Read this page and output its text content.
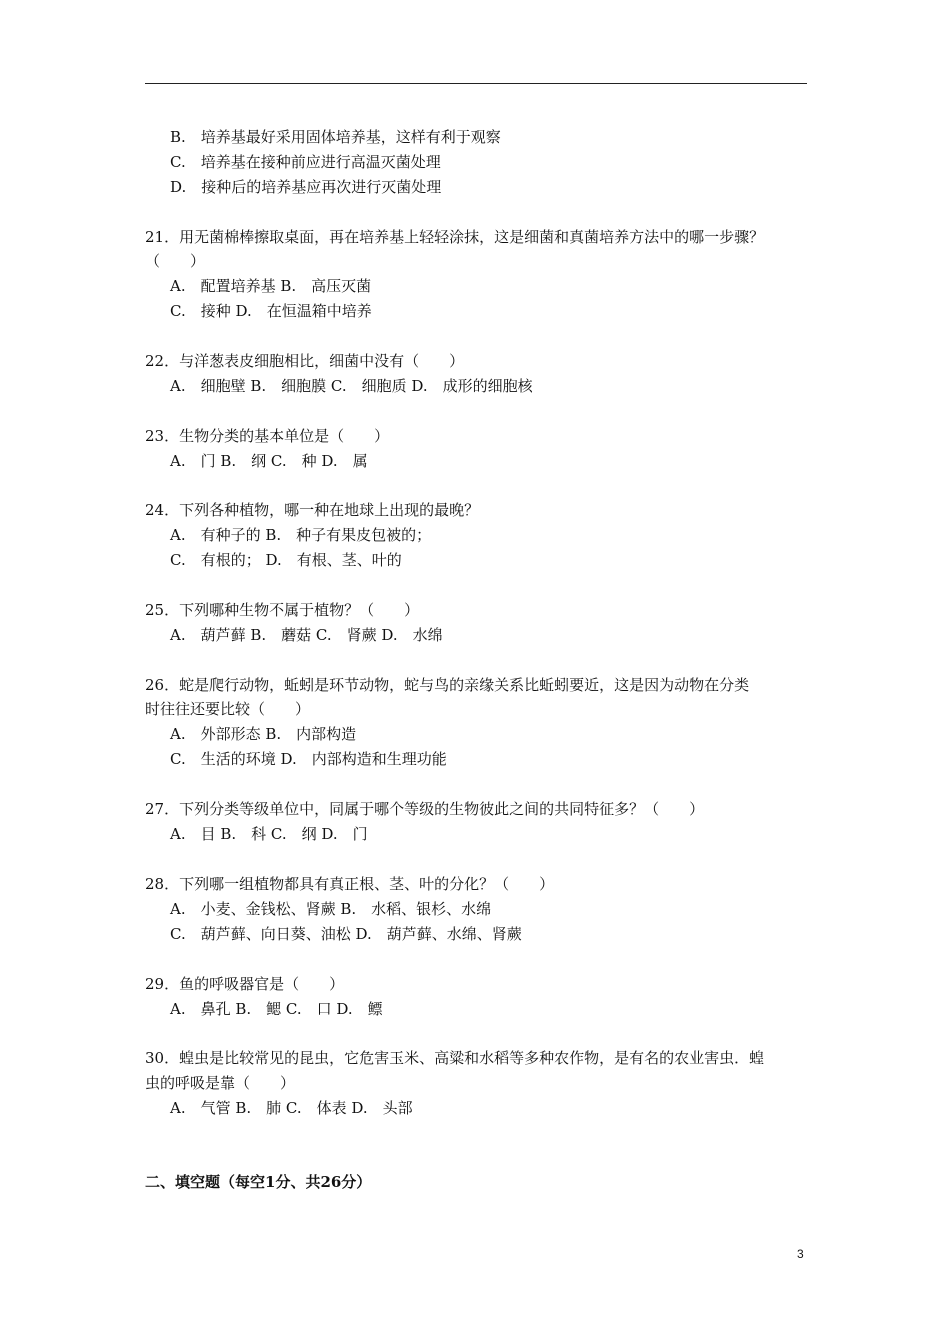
B.　培养基最好采用固体培养基，这样有利于观察
C.　培养基在接种前应进行高温灭菌处理
D.　接种后的培养基应再次进行灭菌处理
21．用无菌棉棒擦取桌面，再在培养基上轻轻涂抹，这是细菌和真菌培养方法中的哪一步骤？
（　　）
A.　配置培养基 B.　高压灭菌
C.　接种 D.　在恒温箱中培养
22．与洋葱表皮细胞相比，细菌中没有（　　）
A.　细胞壁 B.　细胞膜 C.　细胞质 D.　成形的细胞核
23．生物分类的基本单位是（　　）
A.　门 B.　纲 C.　种 D.　属
24．下列各种植物，哪一种在地球上出现的最晚？
A.　有种子的 B.　种子有果皮包被的；
C.　有根的； D.　有根、茎、叶的
25．下列哪种生物不属于植物？（　　）
A.　葫芦藓 B.　蘑菇 C.　肾蕨 D.　水绵
26．蛇是爬行动物，蚯蚓是环节动物，蛇与鸟的亲缘关系比蚯蚓要近，这是因为动物在分类
时往往还要比较（　　）
A.　外部形态 B.　内部构造
C.　生活的环境 D.　内部构造和生理功能
27．下列分类等级单位中，同属于哪个等级的生物彼此之间的共同特征多？（　　）
A.　目 B.　科 C.　纲 D.　门
28．下列哪一组植物都具有真正根、茎、叶的分化？（　　）
A.　小麦、金钱松、肾蕨 B.　水稻、银杉、水绵
C.　葫芦藓、向日葵、油松 D.　葫芦藓、水绵、肾蕨
29．鱼的呼吸器官是（　　）
A.　鼻孔 B.　鳃 C.　口 D.　鳔
30．蝗虫是比较常见的昆虫，它危害玉米、高粱和水稻等多种农作物，是有名的农业害虫．蝗
虫的呼吸是靠（　　）
A.　气管 B.　肺 C.　体表 D.　头部
二、填空题（每空1分、共26分）
3
